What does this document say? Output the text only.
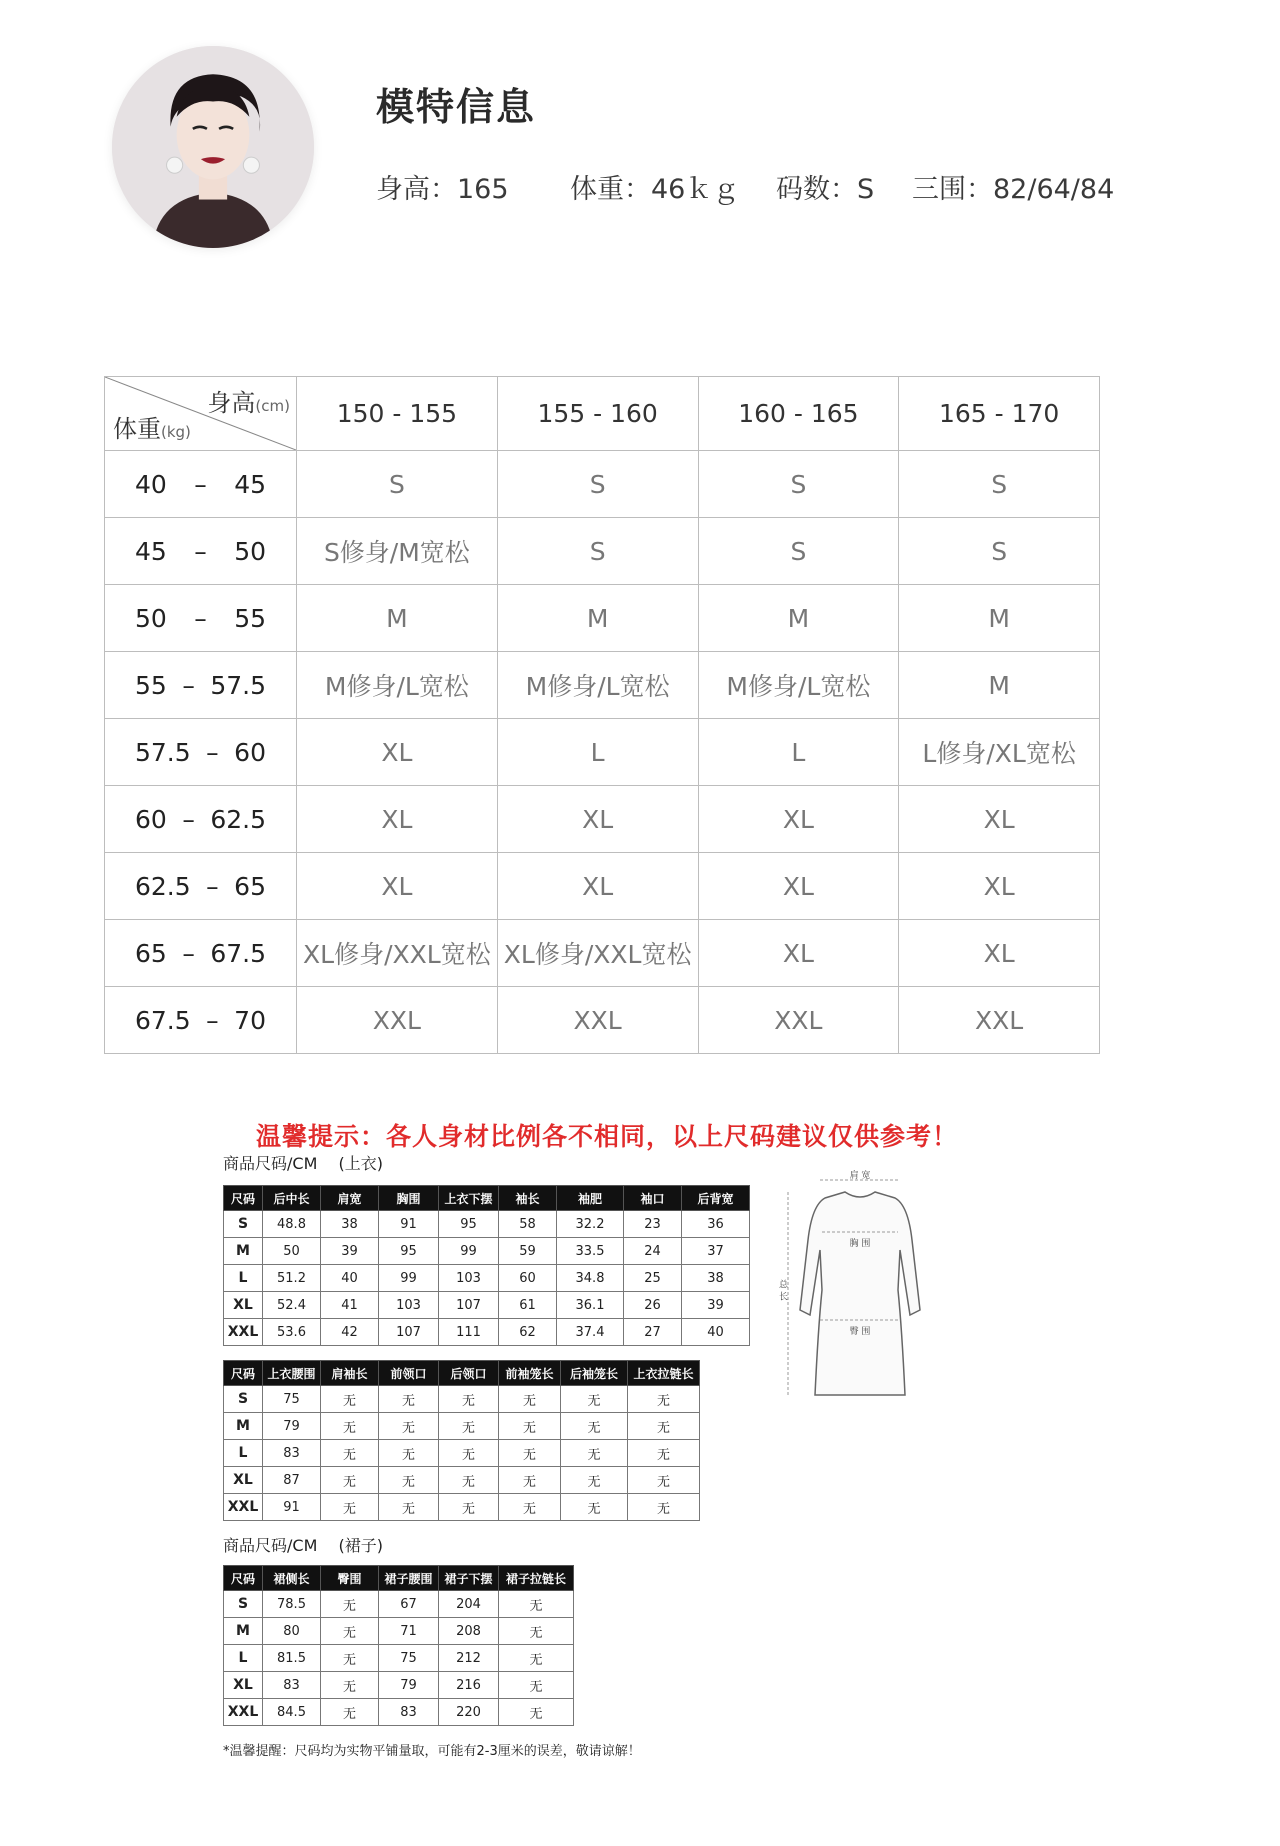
模特信息
身高：165 体重：46ｋｇ 码数：S 三围：82/64/84
身高(cm)
体重(kg)	150 - 155	155 - 160	160 - 165	165 - 170

40 – 45	S	S	S	S

45 – 50	S修身/M宽松	S	S	S

50 – 55	M	M	M	M

55 – 57.5	M修身/L宽松	M修身/L宽松	M修身/L宽松	M

57.5 – 60	XL	L	L	L修身/XL宽松

60 – 62.5	XL	XL	XL	XL

62.5 – 65	XL	XL	XL	XL

65 – 67.5	XL修身/XXL宽松	XL修身/XXL宽松	XL	XL

67.5 – 70	XXL	XXL	XXL	XXL
温馨提示：各人身材比例各不相同，以上尺码建议仅供参考！
商品尺码/CM　 (上衣)
尺码	后中长	肩宽	胸围	上衣下摆	袖长	袖肥	袖口	后背宽
S	48.8	38	91	95	58	32.2	23	36
M	50	39	95	99	59	33.5	24	37
L	51.2	40	99	103	60	34.8	25	38
XL	52.4	41	103	107	61	36.1	26	39
XXL	53.6	42	107	111	62	37.4	27	40
尺码	上衣腰围	肩袖长	前领口	后领口	前袖笼长	后袖笼长	上衣拉链长
S	75	无	无	无	无	无	无
M	79	无	无	无	无	无	无
L	83	无	无	无	无	无	无
XL	87	无	无	无	无	无	无
XXL	91	无	无	无	无	无	无
肩 宽
胸 围
臀 围
总 长
商品尺码/CM　 (裙子)
尺码	裙侧长	臀围	裙子腰围	裙子下摆	裙子拉链长
S	78.5	无	67	204	无
M	80	无	71	208	无
L	81.5	无	75	212	无
XL	83	无	79	216	无
XXL	84.5	无	83	220	无
*温馨提醒：尺码均为实物平铺量取，可能有2-3厘米的误差，敬请谅解！
